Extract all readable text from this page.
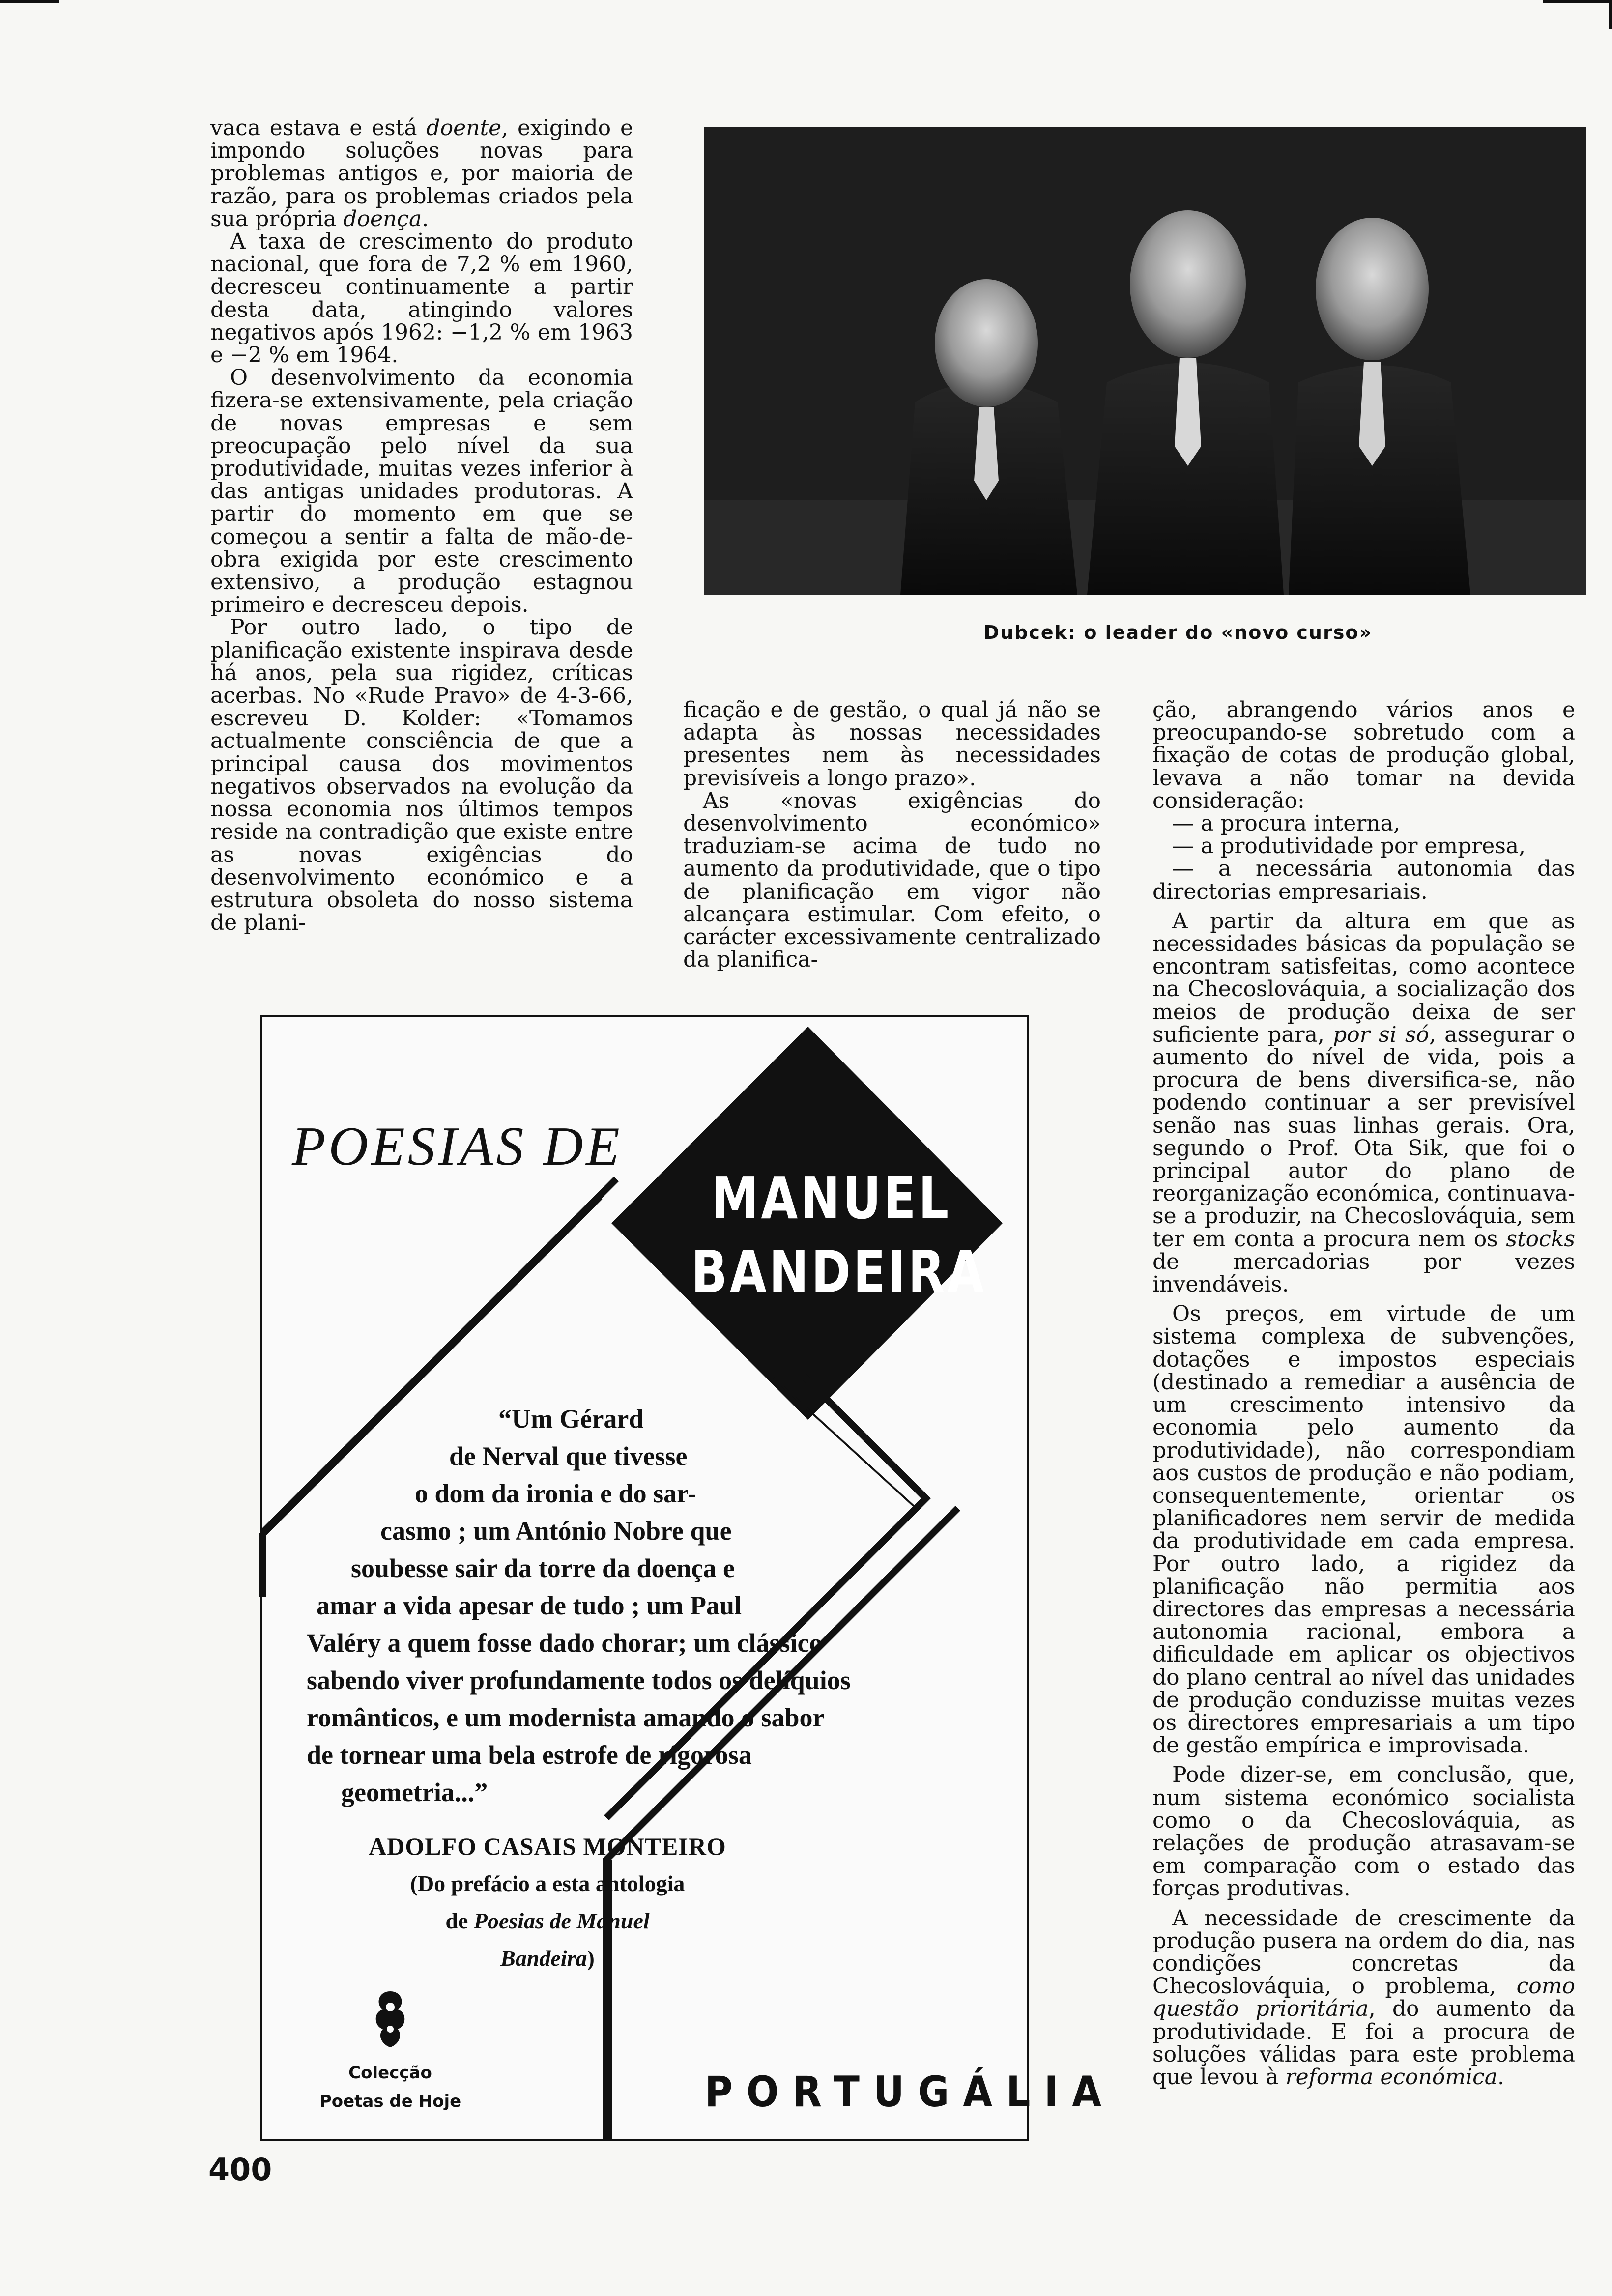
vaca estava e está doente, exigindo e impondo soluções novas para problemas antigos e, por maioria de razão, para os problemas criados pela sua própria doença.

A taxa de crescimento do produto nacional, que fora de 7,2 % em 1960, decresceu continuamente a partir desta data, atingindo valores negativos após 1962: −1,2 % em 1963 e −2 % em 1964.

O desenvolvimento da economia fizera-se extensivamente, pela criação de novas empresas e sem preocupação pelo nível da sua produtividade, muitas vezes inferior à das antigas unidades produtoras. A partir do momento em que se começou a sentir a falta de mão-de-obra exigida por este crescimento extensivo, a produção estagnou primeiro e decresceu depois.

Por outro lado, o tipo de planificação existente inspirava desde há anos, pela sua rigidez, críticas acerbas. No «Rude Pravo» de 4-3-66, escreveu D. Kolder: «Tomamos actualmente consciência de que a principal causa dos movimentos negativos observados na evolução da nossa economia nos últimos tempos reside na contradição que existe entre as novas exigências do desenvolvimento económico e a estrutura obsoleta do nosso sistema de plani-

Dubcek: o leader do «novo curso»

ficação e de gestão, o qual já não se adapta às nossas necessidades presentes nem às necessidades previsíveis a longo prazo».

As «novas exigências do desenvolvimento económico» traduziam-se acima de tudo no aumento da produtividade, que o tipo de planificação em vigor não alcançara estimular. Com efeito, o carácter excessivamente centralizado da planifica-

ção, abrangendo vários anos e preocupando-se sobretudo com a fixação de cotas de produção global, levava a não tomar na devida consideração:

— a procura interna,

— a produtividade por empresa,

— a necessária autonomia das directorias empresariais.

A partir da altura em que as necessidades básicas da população se encontram satisfeitas, como acontece na Checoslováquia, a socialização dos meios de produção deixa de ser suficiente para, por si só, assegurar o aumento do nível de vida, pois a procura de bens diversifica-se, não podendo continuar a ser previsível senão nas suas linhas gerais. Ora, segundo o Prof. Ota Sik, que foi o principal autor do plano de reorganização económica, continuava-se a produzir, na Checoslováquia, sem ter em conta a procura nem os stocks de mercadorias por vezes invendáveis.

Os preços, em virtude de um sistema complexa de subvenções, dotações e impostos especiais (destinado a remediar a ausência de um crescimento intensivo da economia pelo aumento da produtividade), não correspondiam aos custos de produção e não podiam, consequentemente, orientar os planificadores nem servir de medida da produtividade em cada empresa. Por outro lado, a rigidez da planificação não permitia aos directores das empresas a necessária autonomia racional, embora a dificuldade em aplicar os objectivos do plano central ao nível das unidades de produção conduzisse muitas vezes os directores empresariais a um tipo de gestão empírica e improvisada.

Pode dizer-se, em conclusão, que, num sistema económico socialista como o da Checoslováquia, as relações de produção atrasavam-se em comparação com o estado das forças produtivas.

A necessidade de crescimente da produção pusera na ordem do dia, nas condições concretas da Checoslováquia, o problema, como questão prioritária, do aumento da produtividade. E foi a procura de soluções válidas para este problema que levou à reforma económica.

POESIAS DE
MANUEL
BANDEIRA
“Um Gérard
de Nerval que tivesse
o dom da ironia e do sar-
casmo ; um António Nobre que
soubesse sair da torre da doença e
amar a vida apesar de tudo ; um Paul
Valéry a quem fosse dado chorar; um clássico
sabendo viver profundamente todos os delíquios
românticos, e um modernista amando o sabor
de tornear uma bela estrofe de rigorosa
geometria...”
ADOLFO CASAIS MONTEIRO
(Do prefácio a esta antologia
de Poesias de Manuel
Bandeira)
Colecção
Poetas de Hoje	PORTUGÁLIA
400
